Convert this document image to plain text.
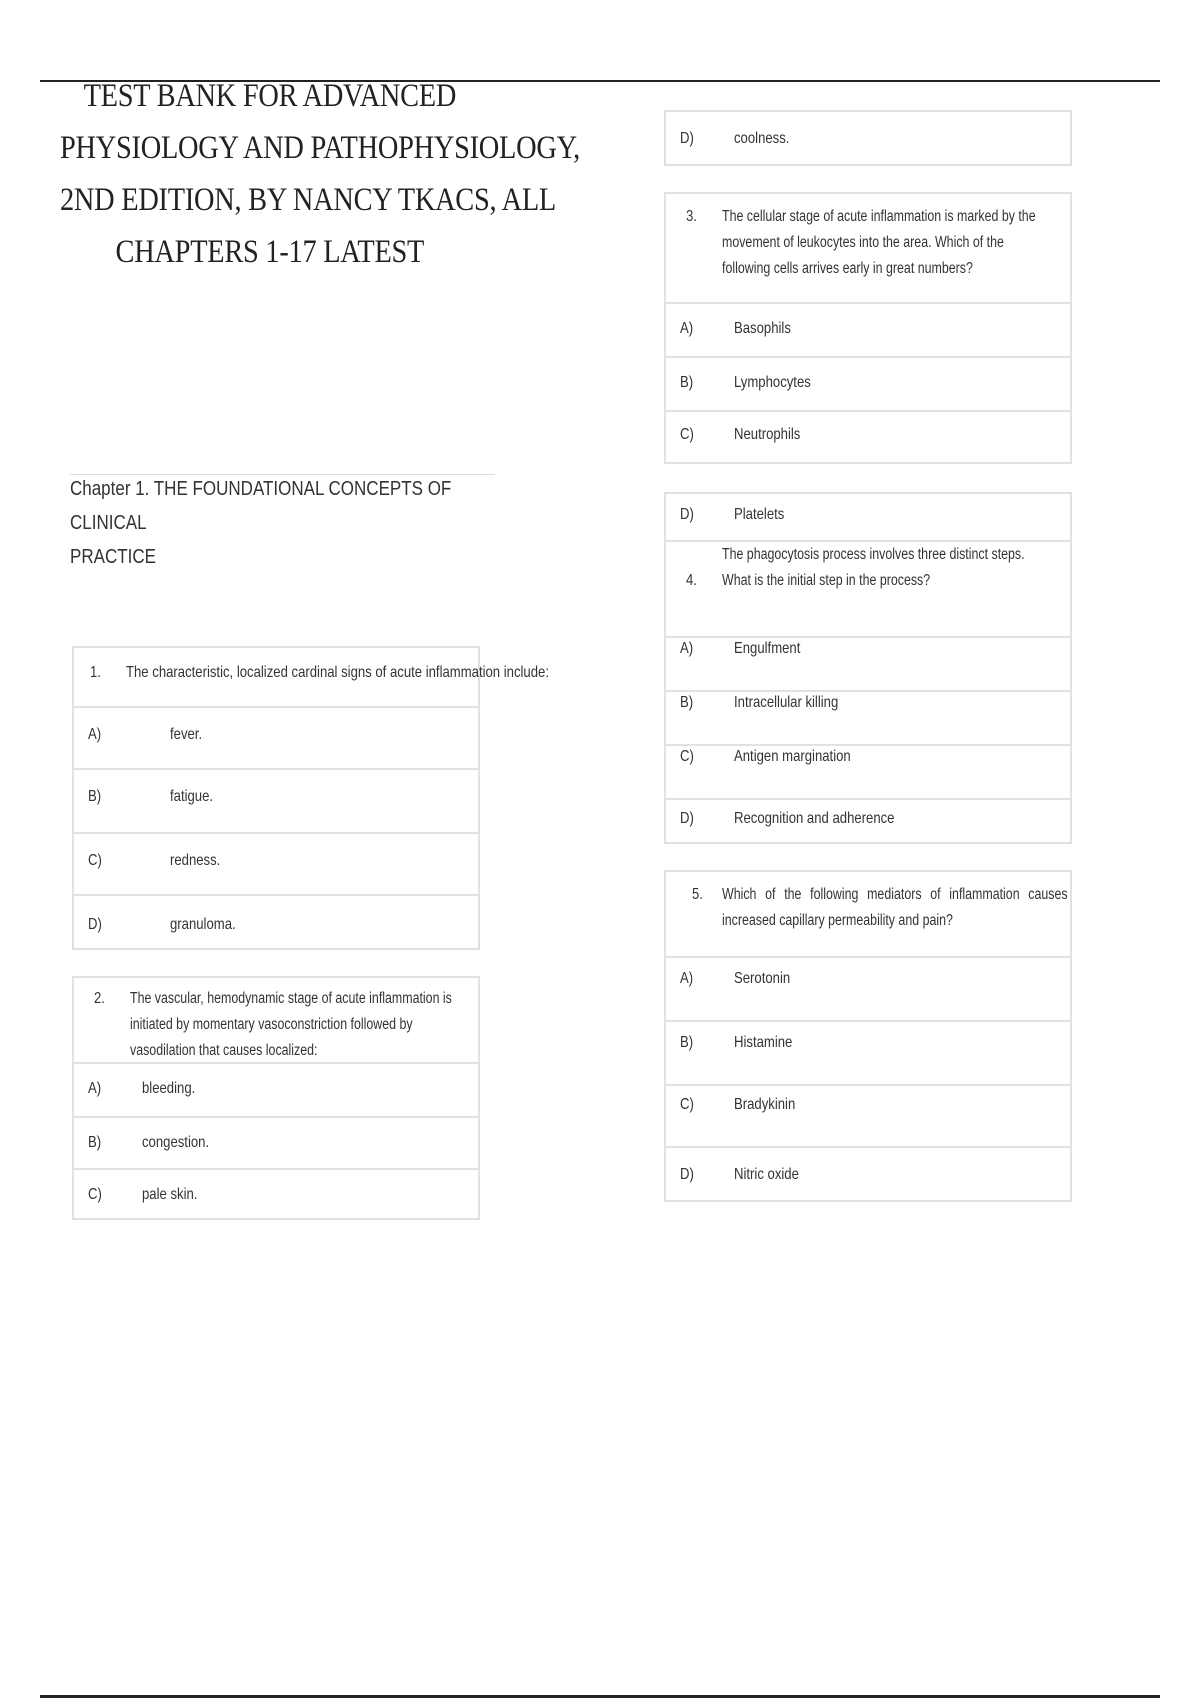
TEST BANK FOR ADVANCED
PHYSIOLOGY AND PATHOPHYSIOLOGY,
2ND EDITION, BY NANCY TKACS, ALL
CHAPTERS 1-17 LATEST
Chapter 1. THE FOUNDATIONAL CONCEPTS OF CLINICAL
PRACTICE
1. The characteristic, localized cardinal signs of acute inflammation include:
A)	fever.
B)	fatigue.
C)	redness.
D)	granuloma.
2. The vascular, hemodynamic stage of acute inflammation is initiated by momentary vasoconstriction followed by vasodilation that causes localized:
A)	bleeding.
B)	congestion.
C)	pale skin.
D)	coolness.
3. The cellular stage of acute inflammation is marked by the movement of leukocytes into the area. Which of the following cells arrives early in great numbers?
A)	Basophils
B)	Lymphocytes
C)	Neutrophils
D)	Platelets
4.
The phagocytosis process involves three distinct steps. What is the initial step in the process?
A)	Engulfment
B)	Intracellular killing
C)	Antigen margination
D)	Recognition and adherence
5. Which of the following mediators of inflammation causes increased capillary permeability and pain?
A)	Serotonin
B)	Histamine
C)	Bradykinin
D)	Nitric oxide
